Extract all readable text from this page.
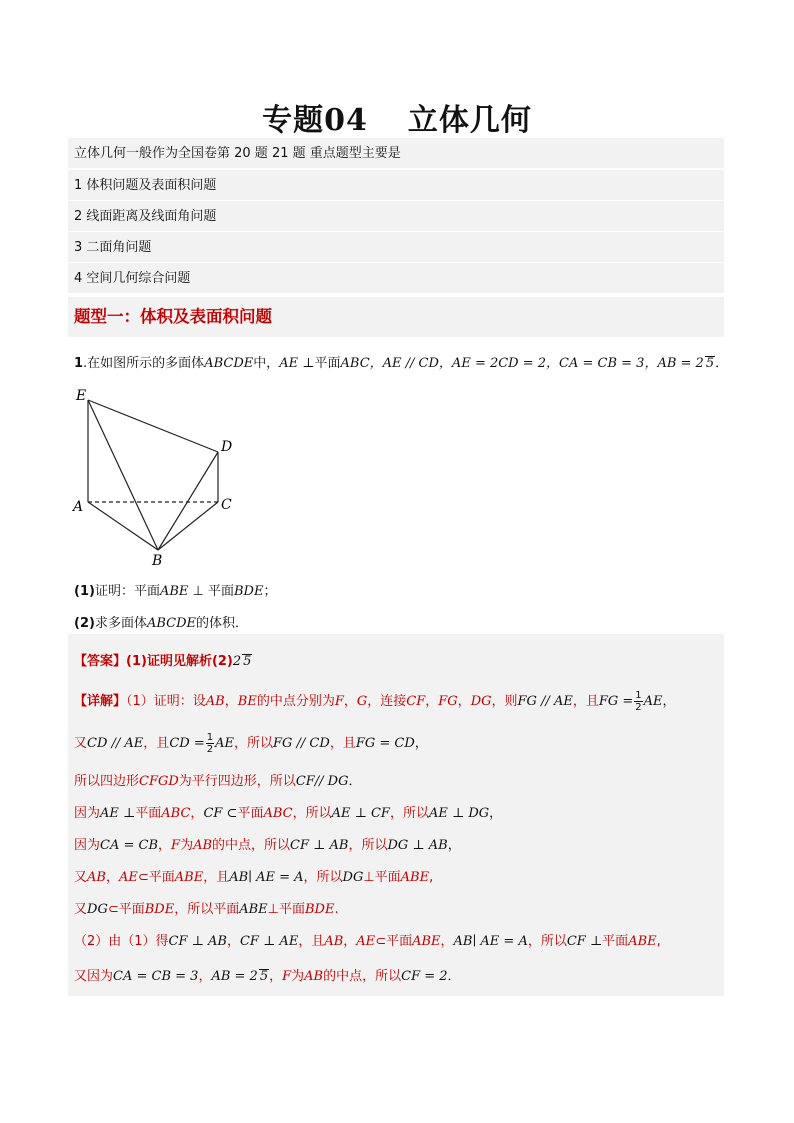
专题04 立体几何
立体几何一般作为全国卷第 20 题 21 题 重点题型主要是
1 体积问题及表面积问题
2 线面距离及线面角问题
3 二面角问题
4 空间几何综合问题
题型一：体积及表面积问题
1.在如图所示的多面体ABCDE中，AE ⊥平面ABC，AE // CD，AE = 2CD = 2，CA = CB = 3，AB = 2 5．
E
D
A	C
B
(1)证明：平面ABE ⊥ 平面BDE；
(2)求多面体ABCDE的体积．
【答案】(1)证明见解析(2)2 5
【详解】（1）证明：设AB，BE的中点分别为F，G，连接CF，FG，DG，则FG // AE，且FG = $\frac{1}{2}$ AE，
又CD // AE，且CD = $\frac{1}{2}$ AE，所以FG // CD，且FG = CD，
所以四边形CFGD为平行四边形，所以CF// DG．
因为AE ⊥平面ABC，CF ⊂平面ABC，所以AE ⊥ CF，所以AE ⊥ DG，
因为CA = CB，F为AB的中点，所以CF ⊥ AB，所以DG ⊥ AB，
又AB，AE⊂平面ABE，且AB∣ AE = A，所以DG⊥平面ABE,
又DG⊂平面BDE，所以平面ABE⊥平面BDE.
（2）由（1）得CF ⊥ AB，CF ⊥ AE，且AB，AE⊂平面ABE，AB∣ AE = A，所以CF ⊥平面ABE,
又因为CA = CB = 3，AB = 2 5，F为AB的中点，所以CF = 2．
